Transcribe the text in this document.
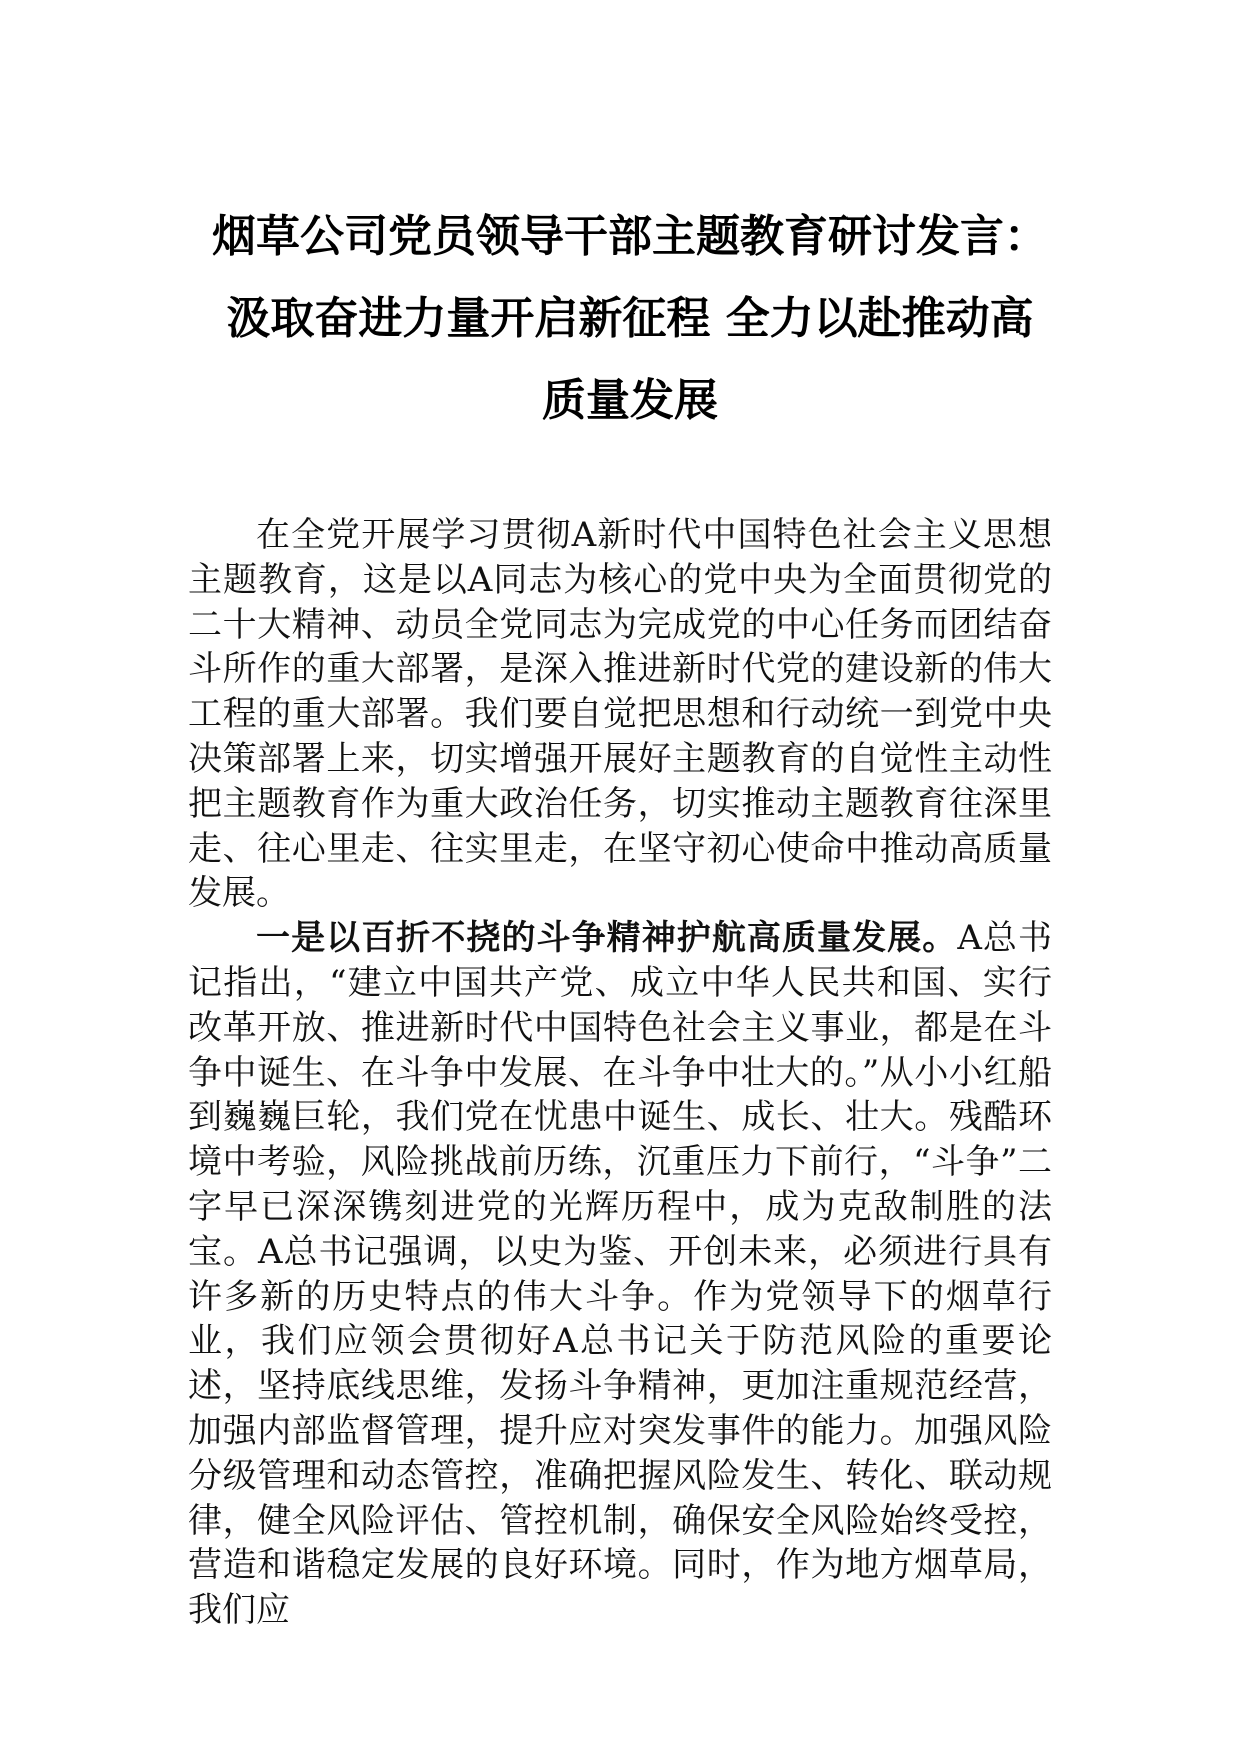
烟草公司党员领导干部主题教育研讨发言：
汲取奋进力量开启新征程 全力以赴推动高
质量发展

在全党开展学习贯彻A新时代中国特色社会主义思想主题教育，这是以A同志为核心的党中央为全面贯彻党的二十大精神、动员全党同志为完成党的中心任务而团结奋斗所作的重大部署，是深入推进新时代党的建设新的伟大工程的重大部署。我们要自觉把思想和行动统一到党中央决策部署上来，切实增强开展好主题教育的自觉性主动性把主题教育作为重大政治任务，切实推动主题教育往深里走、往心里走、往实里走，在坚守初心使命中推动高质量发展。

一是以百折不挠的斗争精神护航高质量发展。A总书记指出，“建立中国共产党、成立中华人民共和国、实行改革开放、推进新时代中国特色社会主义事业，都是在斗争中诞生、在斗争中发展、在斗争中壮大的。”从小小红船到巍巍巨轮，我们党在忧患中诞生、成长、壮大。残酷环境中考验，风险挑战前历练，沉重压力下前行，“斗争”二字早已深深镌刻进党的光辉历程中，成为克敌制胜的法宝。A总书记强调，以史为鉴、开创未来，必须进行具有许多新的历史特点的伟大斗争。作为党领导下的烟草行业，我们应领会贯彻好A总书记关于防范风险的重要论述，坚持底线思维，发扬斗争精神，更加注重规范经营，加强内部监督管理，提升应对突发事件的能力。加强风险分级管理和动态管控，准确把握风险发生、转化、联动规律，健全风险评估、管控机制，确保安全风险始终受控，营造和谐稳定发展的良好环境。同时，作为地方烟草局，我们应
